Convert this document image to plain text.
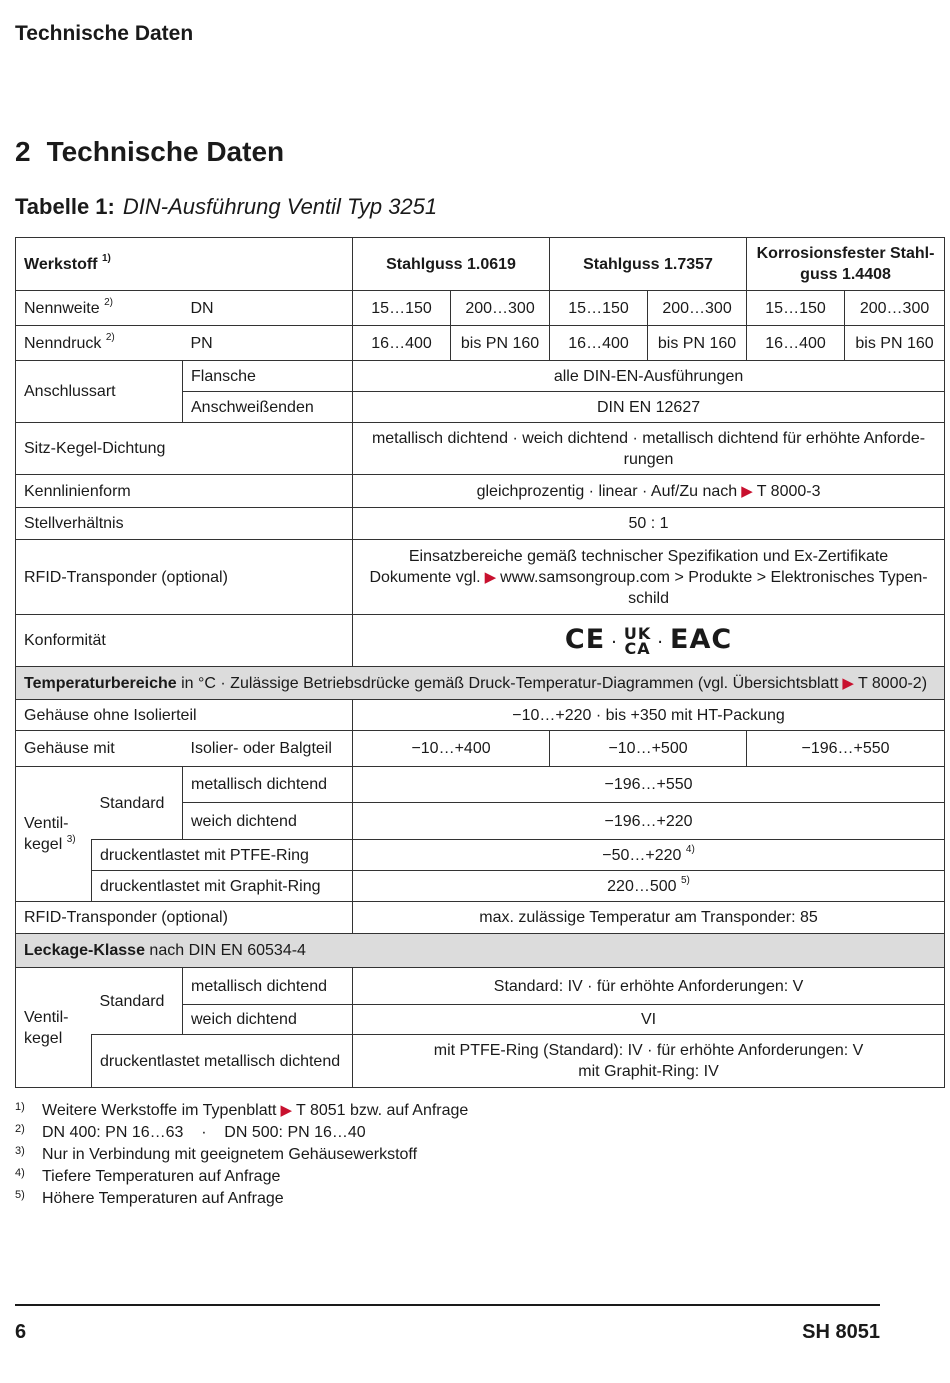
Technische Daten
2 Technische Daten
Tabelle 1: DIN-Ausführung Ventil Typ 3251
Werkstoff $^{1)}$			Stahlguss 1.0619		Stahlguss 1.7357		Korrosionsfester Stahl-guss 1.4408	
Nennweite $^{2)}$		DN	15…150	200…300	15…150	200…300	15…150	200…300
Nenndruck $^{2)}$		PN	16…400	bis PN 160	16…400	bis PN 160	16…400	bis PN 160
Anschlussart		Flansche	alle DIN-EN-Ausführungen					
		Anschweißenden	DIN EN 12627					
Sitz-Kegel-Dichtung			metallisch dichtend · weich dichtend · metallisch dichtend für erhöhte Anforde-rungen					
Kennlinienform			gleichprozentig · linear · Auf/Zu nach ▶ T 8000-3					
Stellverhältnis			50 : 1					
RFID-Transponder (optional)			Einsatzbereiche gemäß technischer Spezifikation und Ex-Zertifikate
Dokumente vgl. ▶ www.samsongroup.com > Produkte > Elektronisches Typen-schild					
Konformität			CE · UK
CA · EAC					
Temperaturbereiche in °C · Zulässige Betriebsdrücke gemäß Druck-Temperatur-Diagrammen (vgl. Übersichtsblatt ▶ T 8000-2)								
Gehäuse ohne Isolierteil			−10…+220 · bis +350 mit HT-Packung					
Gehäuse mit		Isolier- oder Balgteil	−10…+400		−10…+500		−196…+550	
Ventil-kegel $^{3)}$	Standard	metallisch dichtend	−196…+550					
		weich dichtend	−196…+220					
	druckentlastet mit PTFE-Ring		−50…+220 $^{4)}$
	druckentlastet mit Graphit-Ring		220…500 $^{5)}$
RFID-Transponder (optional)			max. zulässige Temperatur am Transponder: 85					
Leckage-Klasse nach DIN EN 60534-4								
Ventil-kegel	Standard	metallisch dichtend	Standard: IV · für erhöhte Anforderungen: V					
		weich dichtend	VI					
	druckentlastet metallisch dichtend		mit PTFE-Ring (Standard): IV · für erhöhte Anforderungen: V
mit Graphit-Ring: IV					
1)	Weitere Werkstoffe im Typenblatt ▶ T 8051 bzw. auf Anfrage
2)	DN 400: PN 16…63    ·    DN 500: PN 16…40
3)	Nur in Verbindung mit geeignetem Gehäusewerkstoff
4)	Tiefere Temperaturen auf Anfrage
5)	Höhere Temperaturen auf Anfrage
6	SH 8051
